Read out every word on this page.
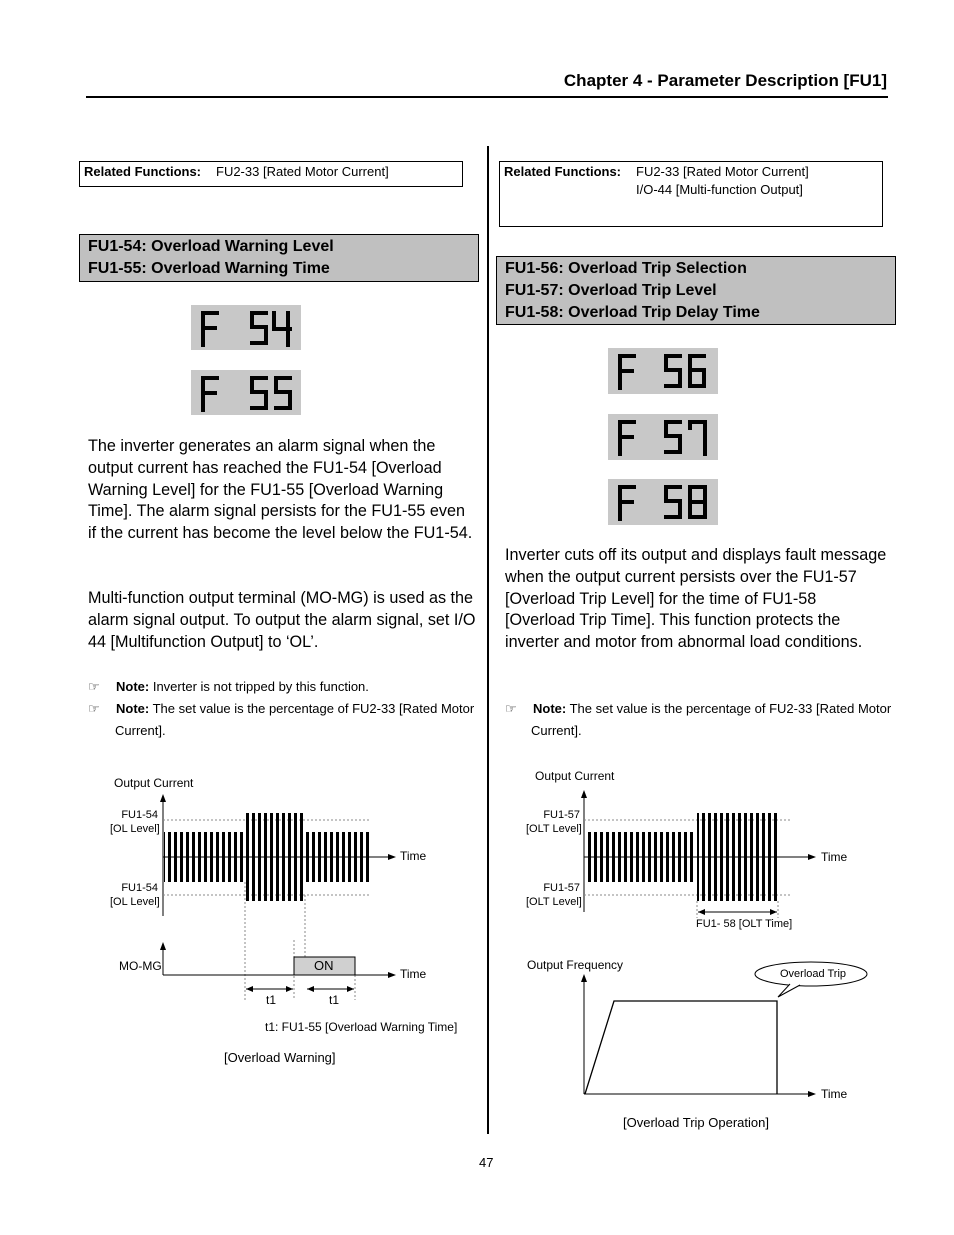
Chapter 4 - Parameter Description [FU1]
Related Functions: FU2-33 [Rated Motor Current]
FU1-54: Overload Warning Level
FU1-55: Overload Warning Time
The inverter generates an alarm signal when the output current has reached the FU1-54 [Overload Warning Level] for the FU1-55 [Overload Warning Time]. The alarm signal persists for the FU1-55 even if the current has become the level below the FU1-54.
Multi-function output terminal (MO-MG) is used as the alarm signal output. To output the alarm signal, set I/O 44 [Multifunction Output] to ‘OL’.
☞ Note: Inverter is not tripped by this function.
☞ Note: The set value is the percentage of FU2-33 [Rated Motor
Current].
Output Current
FU1-54
[OL Level]
FU1-54
[OL Level]
Time
MO-MG	ON
Time
t1	t1
t1: FU1-55 [Overload Warning Time]
[Overload Warning]
Related Functions: FU2-33 [Rated Motor Current]
I/O-44 [Multi-function Output]
FU1-56: Overload Trip Selection
FU1-57: Overload Trip Level
FU1-58: Overload Trip Delay Time
Inverter cuts off its output and displays fault message when the output current persists over the FU1-57 [Overload Trip Level] for the time of FU1-58 [Overload Trip Time]. This function protects the inverter and motor from abnormal load conditions.
☞ Note: The set value is the percentage of FU2-33 [Rated Motor
Current].
Output Current
FU1-57
[OLT Level]
FU1-57
[OLT Level]
Time
FU1- 58 [OLT Time]
Output Frequency
Overload Trip
Time
[Overload Trip Operation]
47
